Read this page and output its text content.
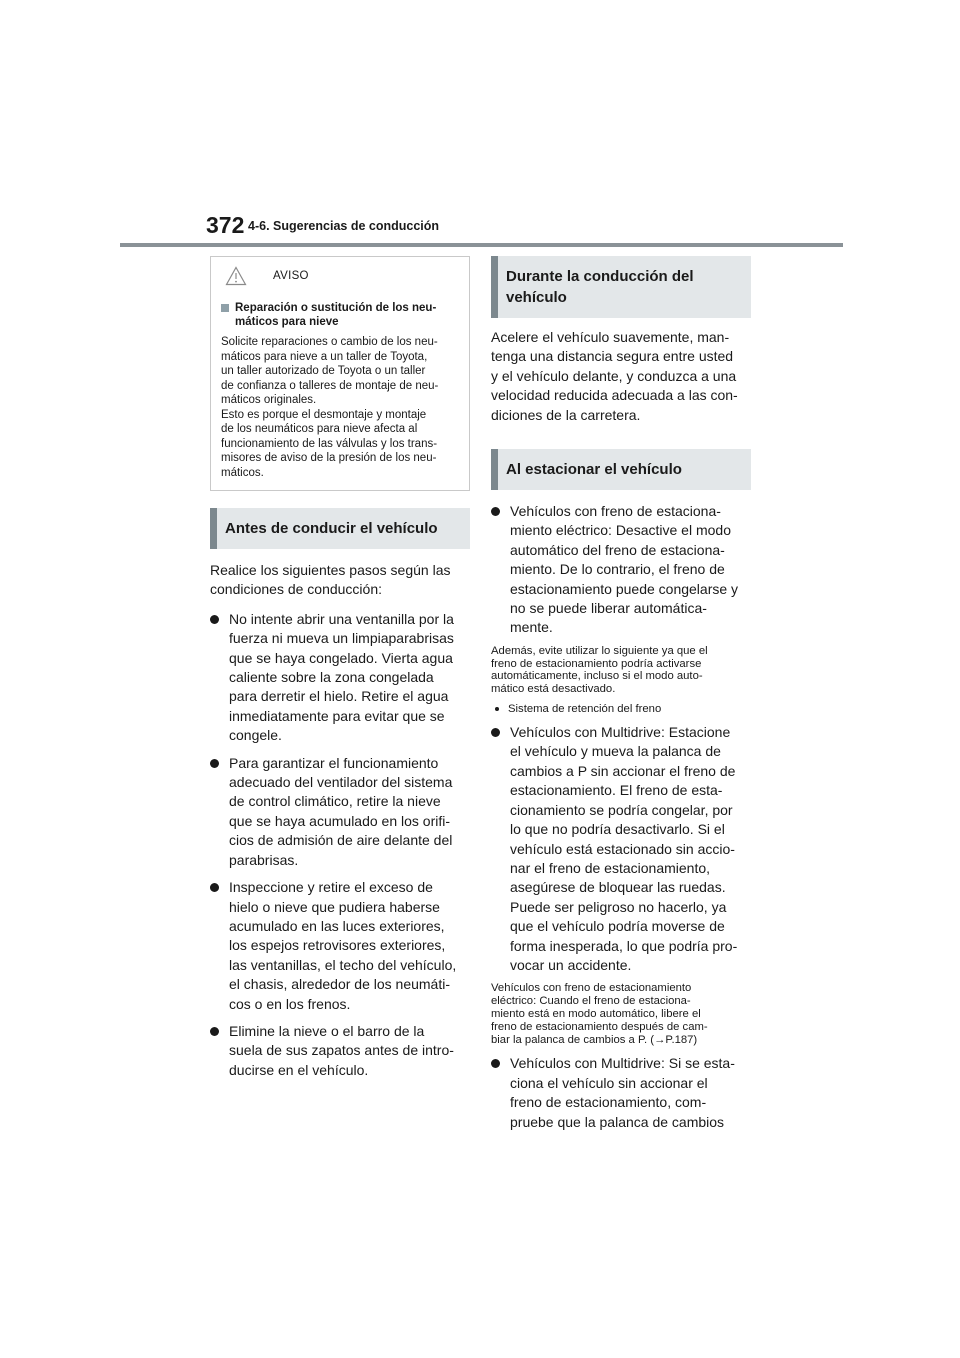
372 4-6. Sugerencias de conducción
AVISO
Reparación o sustitución de los neu-
máticos para nieve
Solicite reparaciones o cambio de los neu-
máticos para nieve a un taller de Toyota,
un taller autorizado de Toyota o un taller
de confianza o talleres de montaje de neu-
máticos originales.
Esto es porque el desmontaje y montaje
de los neumáticos para nieve afecta al
funcionamiento de las válvulas y los trans-
misores de aviso de la presión de los neu-
máticos.
Antes de conducir el vehículo

Realice los siguientes pasos según las
condiciones de conducción:

No intente abrir una ventanilla por la
fuerza ni mueva un limpiaparabrisas
que se haya congelado. Vierta agua
caliente sobre la zona congelada
para derretir el hielo. Retire el agua
inmediatamente para evitar que se
congele.
Para garantizar el funcionamiento
adecuado del ventilador del sistema
de control climático, retire la nieve
que se haya acumulado en los orifi-
cios de admisión de aire delante del
parabrisas.
Inspeccione y retire el exceso de
hielo o nieve que pudiera haberse
acumulado en las luces exteriores,
los espejos retrovisores exteriores,
las ventanillas, el techo del vehículo,
el chasis, alrededor de los neumáti-
cos o en los frenos.
Elimine la nieve o el barro de la
suela de sus zapatos antes de intro-
ducirse en el vehículo.
Durante la conducción del
vehículo

Acelere el vehículo suavemente, man-
tenga una distancia segura entre usted
y el vehículo delante, y conduzca a una
velocidad reducida adecuada a las con-
diciones de la carretera.

Al estacionar el vehículo
Vehículos con freno de estaciona-
miento eléctrico: Desactive el modo
automático del freno de estaciona-
miento. De lo contrario, el freno de
estacionamiento puede congelarse y
no se puede liberar automática-
mente.

Además, evite utilizar lo siguiente ya que el
freno de estacionamiento podría activarse
automáticamente, incluso si el modo auto-
mático está desactivado.

Sistema de retención del freno
Vehículos con Multidrive: Estacione
el vehículo y mueva la palanca de
cambios a P sin accionar el freno de
estacionamiento. El freno de esta-
cionamiento se podría congelar, por
lo que no podría desactivarlo. Si el
vehículo está estacionado sin accio-
nar el freno de estacionamiento,
asegúrese de bloquear las ruedas.
Puede ser peligroso no hacerlo, ya
que el vehículo podría moverse de
forma inesperada, lo que podría pro-
vocar un accidente.

Vehículos con freno de estacionamiento
eléctrico: Cuando el freno de estaciona-
miento está en modo automático, libere el
freno de estacionamiento después de cam-
biar la palanca de cambios a P. (→P.187)

Vehículos con Multidrive: Si se esta-
ciona el vehículo sin accionar el
freno de estacionamiento, com-
pruebe que la palanca de cambios
